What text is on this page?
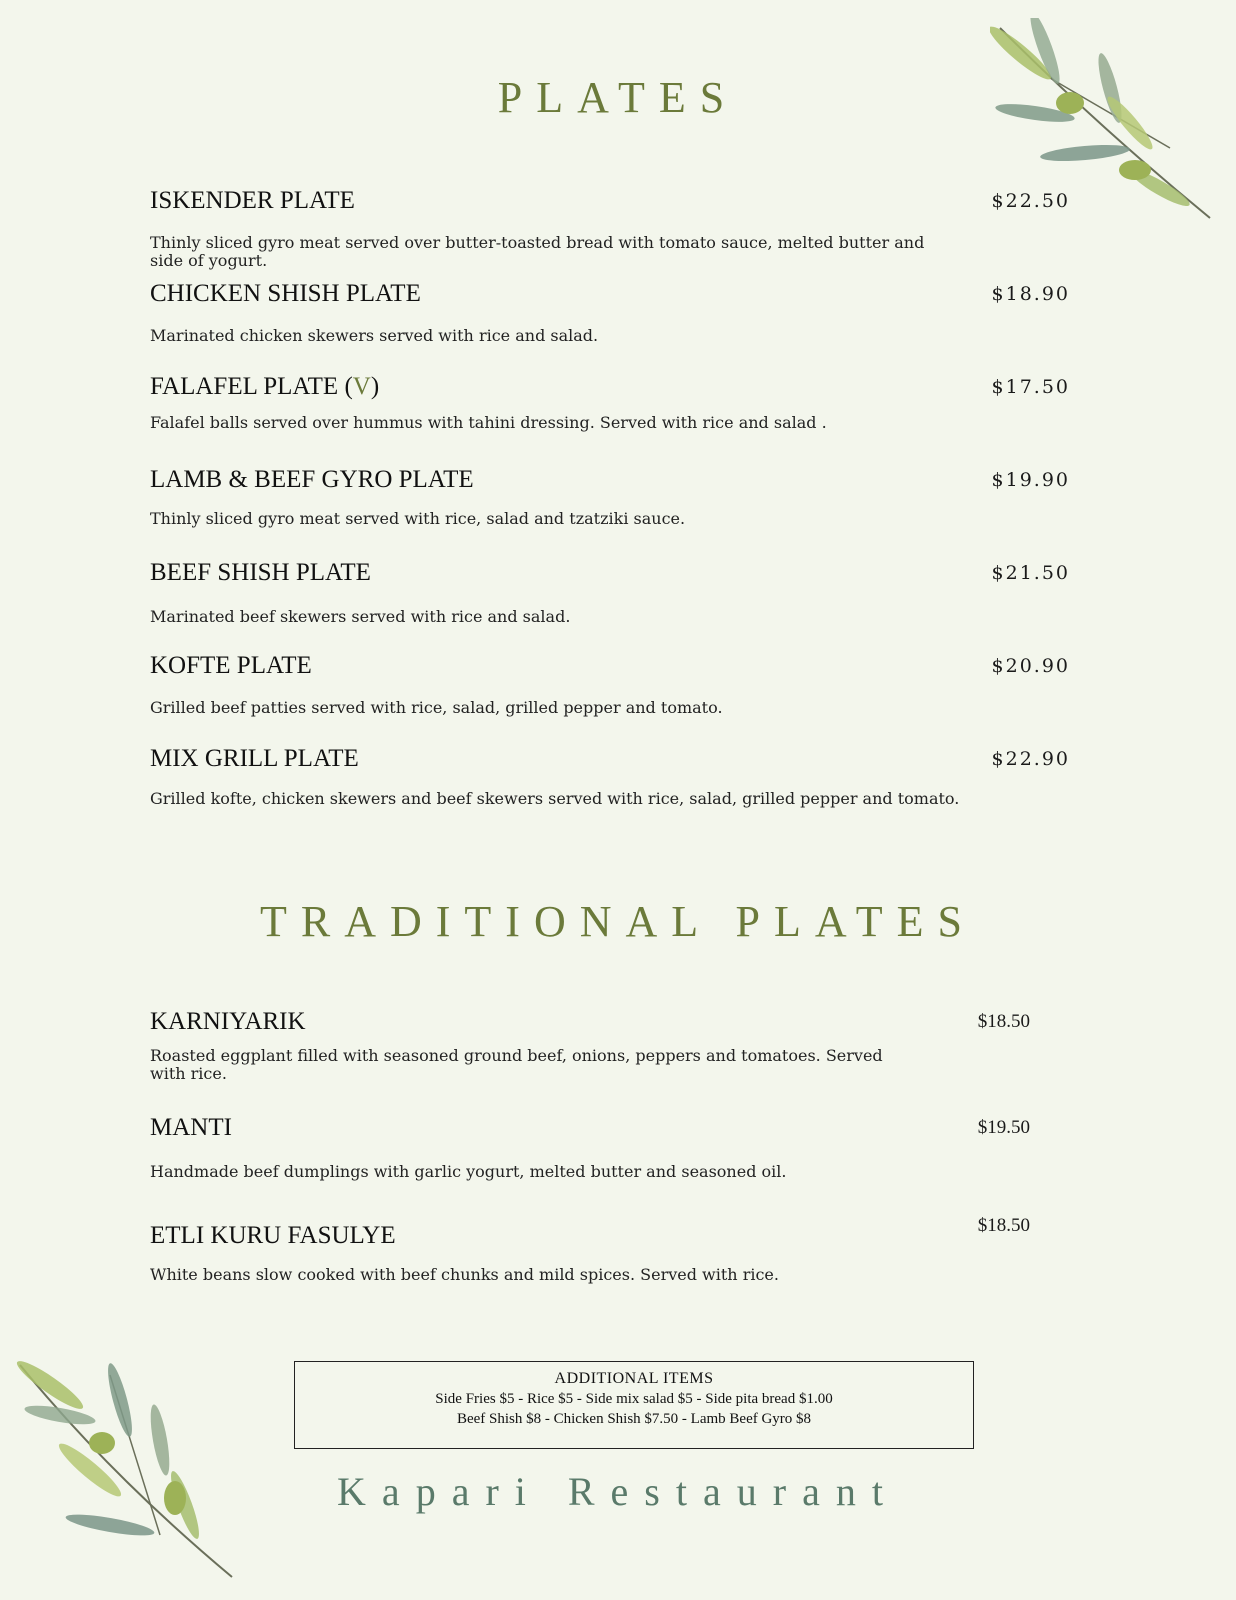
PLATES

ISKENDER PLATE	$22.50

Thinly sliced gyro meat served over butter-toasted bread with tomato sauce, melted butter and side of yogurt.

CHICKEN SHISH PLATE	$18.90

Marinated chicken skewers served with rice and salad.

FALAFEL PLATE (V)	$17.50

Falafel balls served over hummus with tahini dressing. Served with rice and salad .

LAMB & BEEF GYRO PLATE	$19.90

Thinly sliced gyro meat served with rice, salad and tzatziki sauce.

BEEF SHISH PLATE	$21.50

Marinated beef skewers served with rice and salad.

KOFTE PLATE	$20.90

Grilled beef patties served with rice, salad, grilled pepper and tomato.

MIX GRILL PLATE	$22.90

Grilled kofte, chicken skewers and beef skewers served with rice, salad, grilled pepper and tomato.

TRADITIONAL PLATES

KARNIYARIK	$18.50

Roasted eggplant filled with seasoned ground beef, onions, peppers and tomatoes. Served with rice.

MANTI	$19.50

Handmade beef dumplings with garlic yogurt, melted butter and seasoned oil.

ETLI KURU FASULYE	$18.50

White beans slow cooked with beef chunks and mild spices. Served with rice.

ADDITIONAL ITEMS
Side Fries $5 - Rice $5 - Side mix salad $5 - Side pita bread $1.00
Beef Shish $8 - Chicken Shish $7.50 - Lamb Beef Gyro $8
Kapari Restaurant
